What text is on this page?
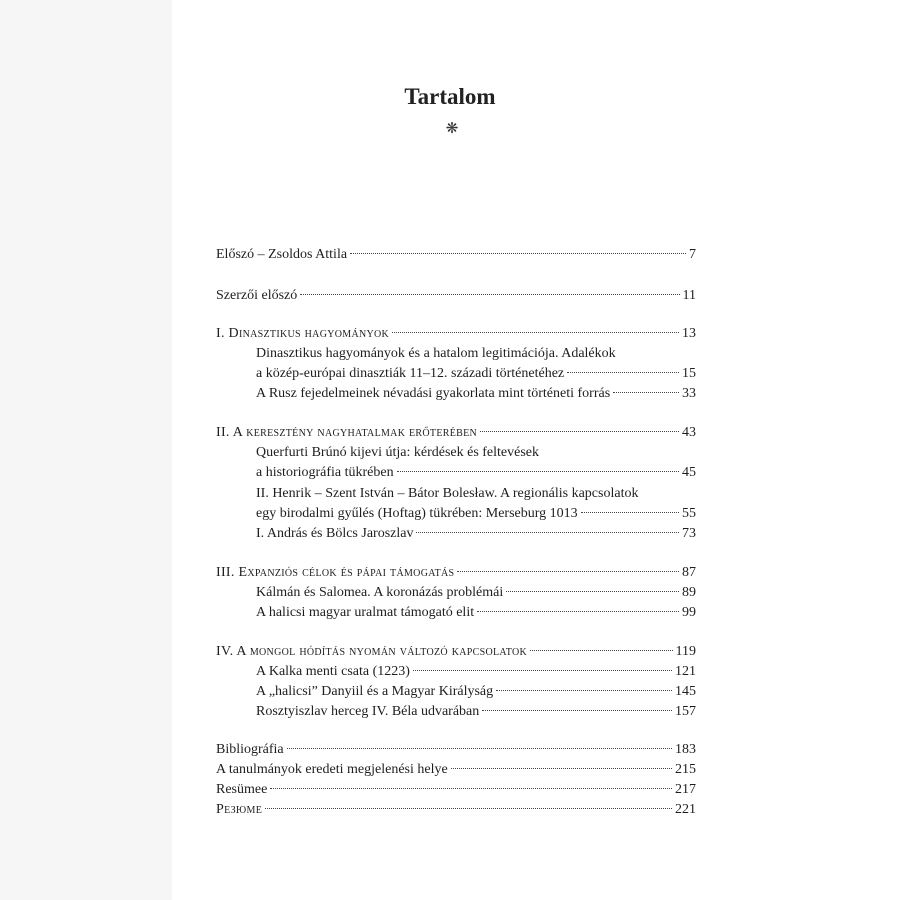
Tartalom
❋
Előszó – Zsoldos Attila	7
Szerzői előszó	11
I. Dinasztikus hagyományok	13
Dinasztikus hagyományok és a hatalom legitimációja. Adalékok
a közép-európai dinasztiák 11–12. századi történetéhez	15
A Rusz fejedelmeinek névadási gyakorlata mint történeti forrás	33
II. A keresztény nagyhatalmak erőterében	43
Querfurti Brúnó kijevi útja: kérdések és feltevések
a historiográfia tükrében	45
II. Henrik – Szent István – Bátor Bolesław. A regionális kapcsolatok
egy birodalmi gyűlés (Hoftag) tükrében: Merseburg 1013	55
I. András és Bölcs Jaroszlav	73
III. Expanziós célok és pápai támogatás	87
Kálmán és Salomea. A koronázás problémái	89
A halicsi magyar uralmat támogató elit	99
IV. A mongol hódítás nyomán változó kapcsolatok	119
A Kalka menti csata (1223)	121
A „halicsi” Danyiil és a Magyar Királyság	145
Rosztyiszlav herceg IV. Béla udvarában	157
Bibliográfia	183
A tanulmányok eredeti megjelenési helye	215
Resümee	217
Резюме	221
